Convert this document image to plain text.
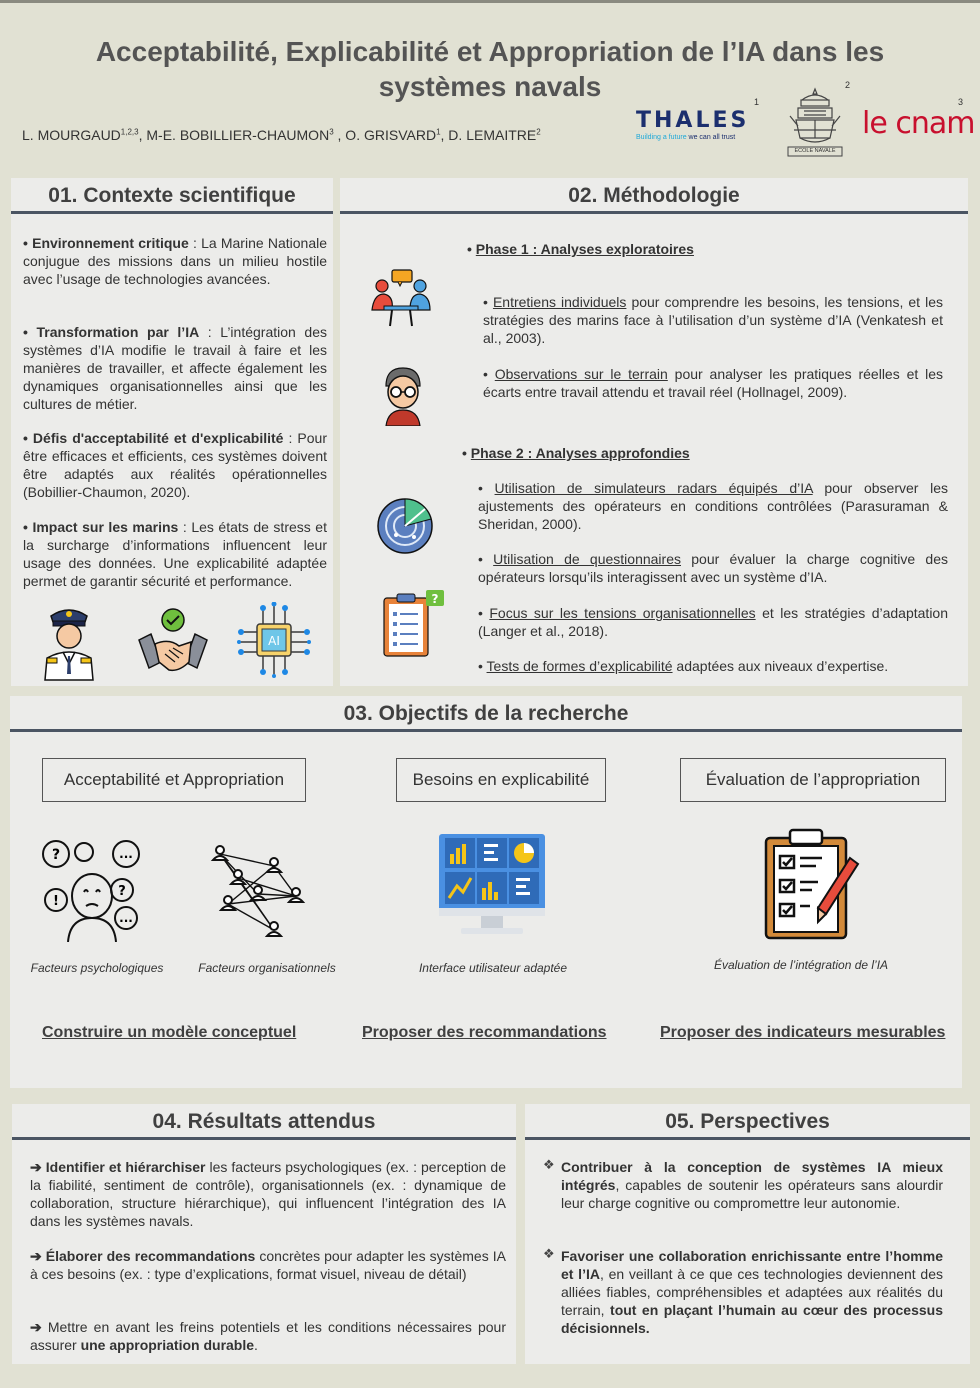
Acceptabilité, Explicabilité et Appropriation de l’IA dans les systèmes navals
L. MOURGAUD$^{1,2,3}$, M-E. BOBILLIER-CHAUMON$^3$ , O. GRISVARD$^1$, D. LEMAITRE$^2$	THALES
Building a future we can all trust
1
ECOLE NAVALE
2
le cnam
3
01. Contexte scientifique
• Environnement critique : La Marine Nationale conjugue des missions dans un milieu hostile avec l’usage de technologies avancées.
• Transformation par l’IA : L’intégration des systèmes d’IA modifie le travail à faire et les manières de travailler, et affecte également les dynamiques organisationnelles ainsi que les cultures de métier.
• Défis d'acceptabilité et d'explicabilité : Pour être efficaces et efficients, ces systèmes doivent être adaptés aux réalités opérationnelles (Bobillier-Chaumon, 2020).
• Impact sur les marins : Les états de stress et la surcharge d’informations influencent leur usage des données. Une explicabilité adaptée permet de garantir sécurité et performance.
AI
02. Méthodologie
• Phase 1 : Analyses exploratoires
• Entretiens individuels pour comprendre les besoins, les tensions, et les stratégies des marins face à l’utilisation d’un système d’IA (Venkatesh et al., 2003).
• Observations sur le terrain pour analyser les pratiques réelles et les écarts entre travail attendu et travail réel (Hollnagel, 2009).
• Phase 2 : Analyses approfondies
• Utilisation de simulateurs radars équipés d’IA pour observer les ajustements des opérateurs en conditions contrôlées (Parasuraman & Sheridan, 2000).
• Utilisation de questionnaires pour évaluer la charge cognitive des opérateurs lorsqu’ils interagissent avec un système d’IA.
• Focus sur les tensions organisationnelles et les stratégies d’adaptation (Langer et al., 2018).
• Tests de formes d’explicabilité adaptées aux niveaux d’expertise.
?
03. Objectifs de la recherche
Acceptabilité et Appropriation	Besoins en explicabilité	Évaluation de l’appropriation
?
?
!
...
...
Facteurs psychologiques	Facteurs organisationnels	Interface utilisateur adaptée	Évaluation de l’intégration de l’IA
Construire un modèle conceptuel	Proposer des recommandations	Proposer des indicateurs mesurables
04. Résultats attendus
➔ Identifier et hiérarchiser les facteurs psychologiques (ex. : perception de la fiabilité, sentiment de contrôle), organisationnels (ex. : dynamique de collaboration, structure hiérarchique), qui influencent l’intégration des IA dans les systèmes navals.
➔ Élaborer des recommandations concrètes pour adapter les systèmes IA à ces besoins (ex. : type d’explications, format visuel, niveau de détail)
➔ Mettre en avant les freins potentiels et les conditions nécessaires pour assurer une appropriation durable.
05. Perspectives
❖ Contribuer à la conception de systèmes IA mieux intégrés, capables de soutenir les opérateurs sans alourdir leur charge cognitive ou compromettre leur autonomie.
❖ Favoriser une collaboration enrichissante entre l’homme et l’IA, en veillant à ce que ces technologies deviennent des alliées fiables, compréhensibles et adaptées aux réalités du terrain, tout en plaçant l’humain au cœur des processus décisionnels.
